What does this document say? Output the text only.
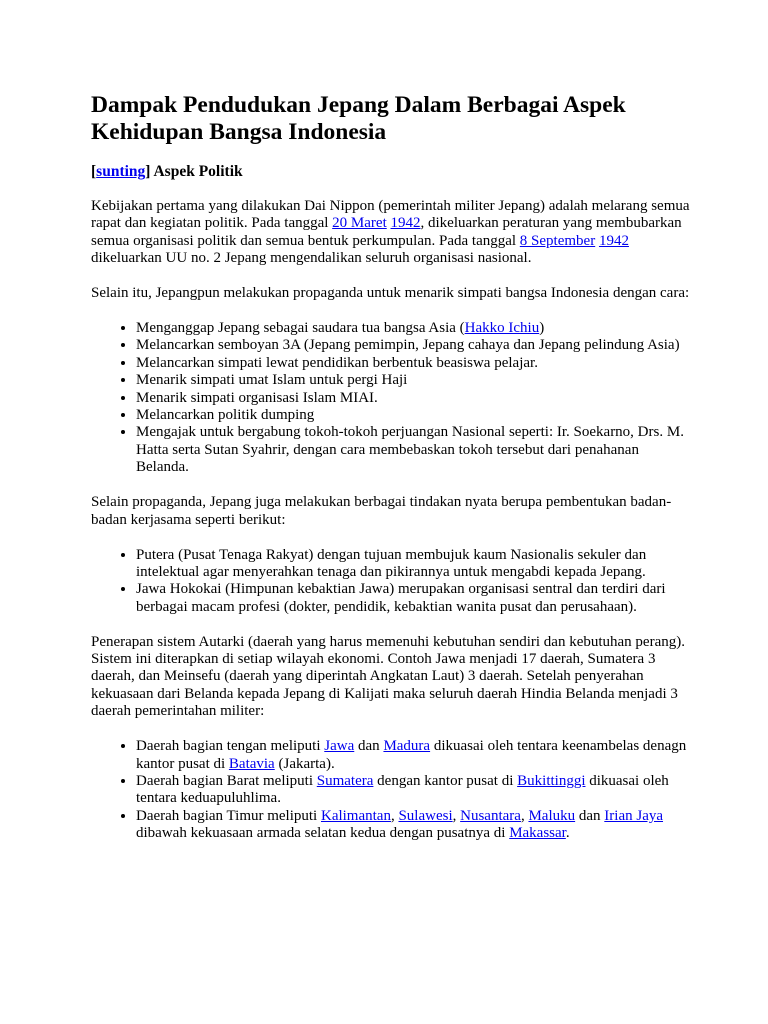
Dampak Pendudukan Jepang Dalam Berbagai Aspek Kehidupan Bangsa Indonesia
[sunting] Aspek Politik

Kebijakan pertama yang dilakukan Dai Nippon (pemerintah militer Jepang) adalah melarang semua rapat dan kegiatan politik. Pada tanggal 20 Maret 1942, dikeluarkan peraturan yang membubarkan semua organisasi politik dan semua bentuk perkumpulan. Pada tanggal 8 September 1942 dikeluarkan UU no. 2 Jepang mengendalikan seluruh organisasi nasional.

Selain itu, Jepangpun melakukan propaganda untuk menarik simpati bangsa Indonesia dengan cara:

• Menganggap Jepang sebagai saudara tua bangsa Asia (Hakko Ichiu)
• Melancarkan semboyan 3A (Jepang pemimpin, Jepang cahaya dan Jepang pelindung Asia)
• Melancarkan simpati lewat pendidikan berbentuk beasiswa pelajar.
• Menarik simpati umat Islam untuk pergi Haji
• Menarik simpati organisasi Islam MIAI.
• Melancarkan politik dumping
• Mengajak untuk bergabung tokoh-tokoh perjuangan Nasional seperti: Ir. Soekarno, Drs. M. Hatta serta Sutan Syahrir, dengan cara membebaskan tokoh tersebut dari penahanan Belanda.

Selain propaganda, Jepang juga melakukan berbagai tindakan nyata berupa pembentukan badan-badan kerjasama seperti berikut:

• Putera (Pusat Tenaga Rakyat) dengan tujuan membujuk kaum Nasionalis sekuler dan intelektual agar menyerahkan tenaga dan pikirannya untuk mengabdi kepada Jepang.
• Jawa Hokokai (Himpunan kebaktian Jawa) merupakan organisasi sentral dan terdiri dari berbagai macam profesi (dokter, pendidik, kebaktian wanita pusat dan perusahaan).

Penerapan sistem Autarki (daerah yang harus memenuhi kebutuhan sendiri dan kebutuhan perang). Sistem ini diterapkan di setiap wilayah ekonomi. Contoh Jawa menjadi 17 daerah, Sumatera 3 daerah, dan Meinsefu (daerah yang diperintah Angkatan Laut) 3 daerah. Setelah penyerahan kekuasaan dari Belanda kepada Jepang di Kalijati maka seluruh daerah Hindia Belanda menjadi 3 daerah pemerintahan militer:

• Daerah bagian tengan meliputi Jawa dan Madura dikuasai oleh tentara keenambelas denagn kantor pusat di Batavia (Jakarta).
• Daerah bagian Barat meliputi Sumatera dengan kantor pusat di Bukittinggi dikuasai oleh tentara keduapuluhlima.
• Daerah bagian Timur meliputi Kalimantan, Sulawesi, Nusantara, Maluku dan Irian Jaya dibawah kekuasaan armada selatan kedua dengan pusatnya di Makassar.
